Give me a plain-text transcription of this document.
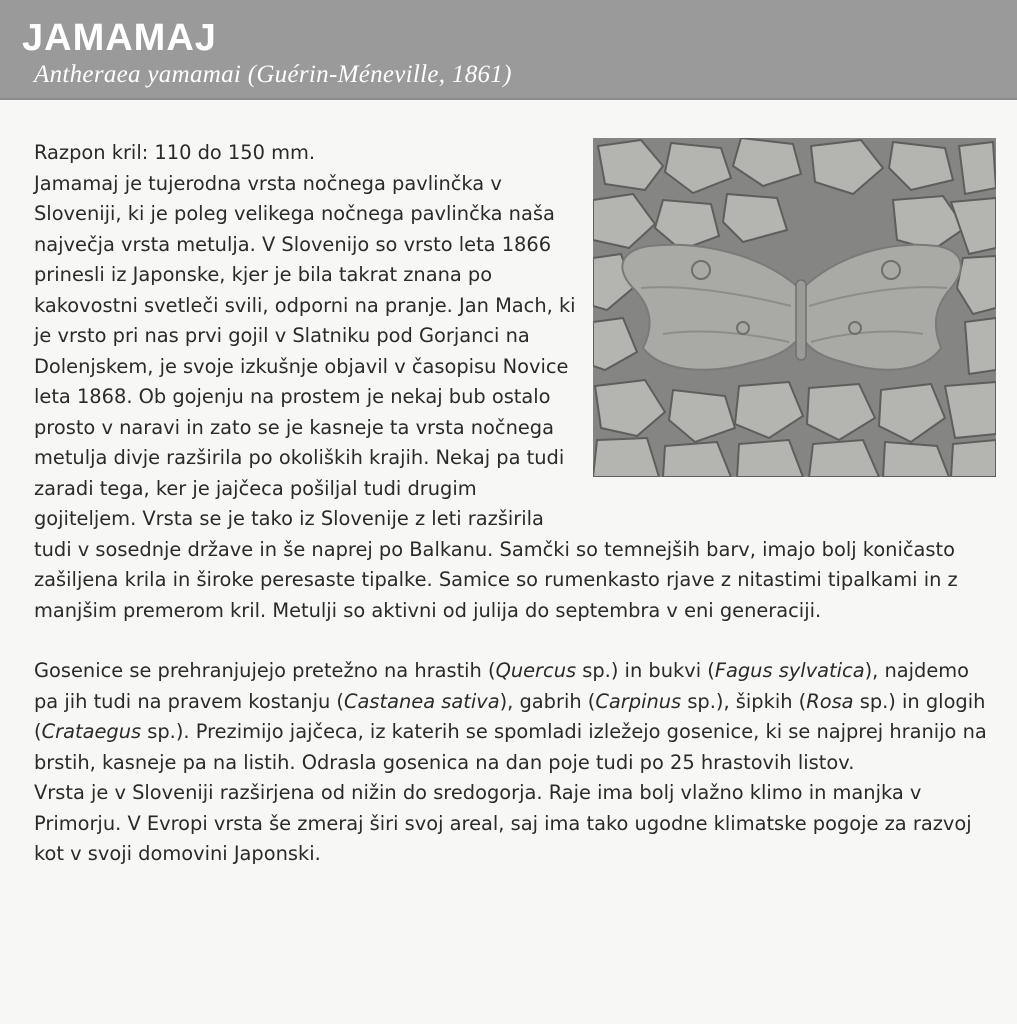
JAMAMAJ

Antheraea yamamai (Guérin-Méneville, 1861)

Razpon kril: 110 do 150 mm.

Jamamaj je tujerodna vrsta nočnega pavlinčka v Sloveniji, ki je poleg velikega nočnega pavlinčka naša največja vrsta metulja. V Slovenijo so vrsto leta 1866 prinesli iz Japonske, kjer je bila takrat znana po kakovostni svetleči svili, odporni na pranje. Jan Mach, ki je vrsto pri nas prvi gojil v Slatniku pod Gorjanci na Dolenjskem, je svoje izkušnje objavil v časopisu Novice leta 1868. Ob gojenju na prostem je nekaj bub ostalo prosto v naravi in zato se je kasneje ta vrsta nočnega metulja divje razširila po okoliških krajih. Nekaj pa tudi zaradi tega, ker je jajčeca pošiljal tudi drugim gojiteljem. Vrsta se je tako iz Slovenije z leti razširila tudi v sosednje države in še naprej po Balkanu. Samčki so temnejših barv, imajo bolj koničasto zašiljena krila in široke peresaste tipalke. Samice so rumenkasto rjave z nitastimi tipalkami in z manjšim premerom kril. Metulji so aktivni od julija do septembra v eni generaciji.

Gosenice se prehranjujejo pretežno na hrastih (Quercus sp.) in bukvi (Fagus sylvatica), najdemo pa jih tudi na pravem kostanju (Castanea sativa), gabrih (Carpinus sp.), šipkih (Rosa sp.) in glogih (Crataegus sp.). Prezimijo jajčeca, iz katerih se spomladi izležejo gosenice, ki se najprej hranijo na brstih, kasneje pa na listih. Odrasla gosenica na dan poje tudi po 25 hrastovih listov.

Vrsta je v Sloveniji razširjena od nižin do sredogorja. Raje ima bolj vlažno klimo in manjka v Primorju. V Evropi vrsta še zmeraj širi svoj areal, saj ima tako ugodne klimatske pogoje za razvoj kot v svoji domovini Japonski.
